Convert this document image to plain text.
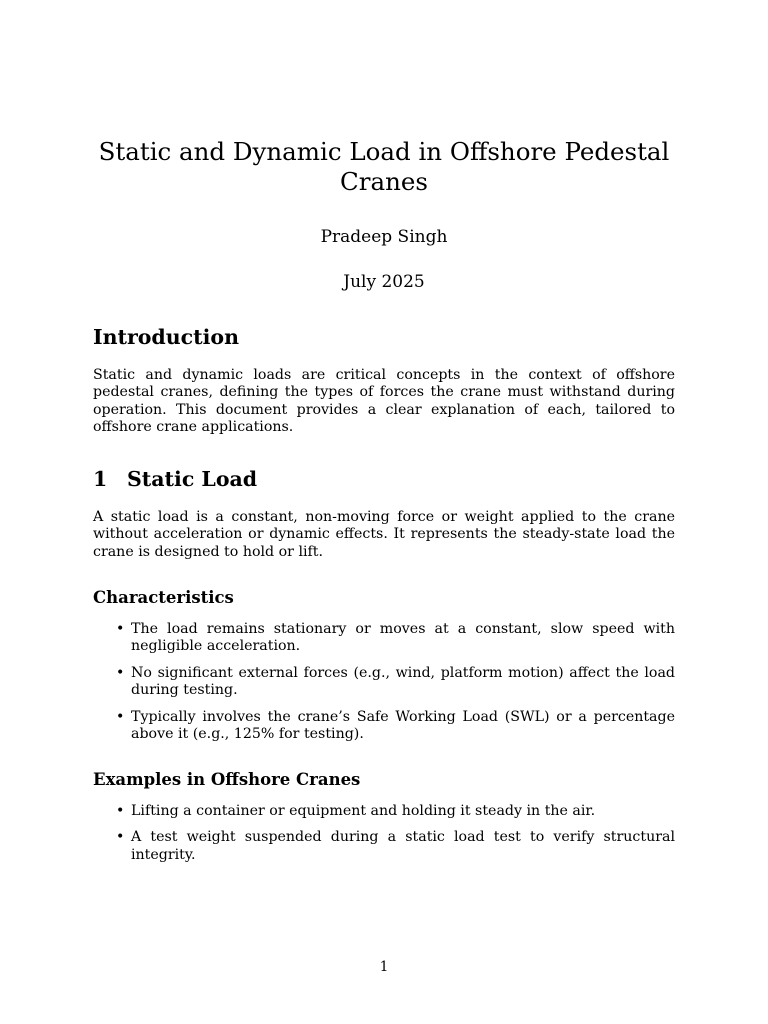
Static and Dynamic Load in Offshore Pedestal Cranes
Pradeep Singh
July 2025
Introduction

Static and dynamic loads are critical concepts in the context of offshore pedestal cranes, defining the types of forces the crane must withstand during operation. This document provides a clear explanation of each, tailored to offshore crane applications.

1 Static Load

A static load is a constant, non-moving force or weight applied to the crane without acceleration or dynamic effects. It represents the steady-state load the crane is designed to hold or lift.

Characteristics
• The load remains stationary or moves at a constant, slow speed with negligible acceleration.
• No significant external forces (e.g., wind, platform motion) affect the load during testing.
• Typically involves the crane’s Safe Working Load (SWL) or a percentage above it (e.g., 125% for testing).
Examples in Offshore Cranes
• Lifting a container or equipment and holding it steady in the air.
• A test weight suspended during a static load test to verify structural integrity.
1
